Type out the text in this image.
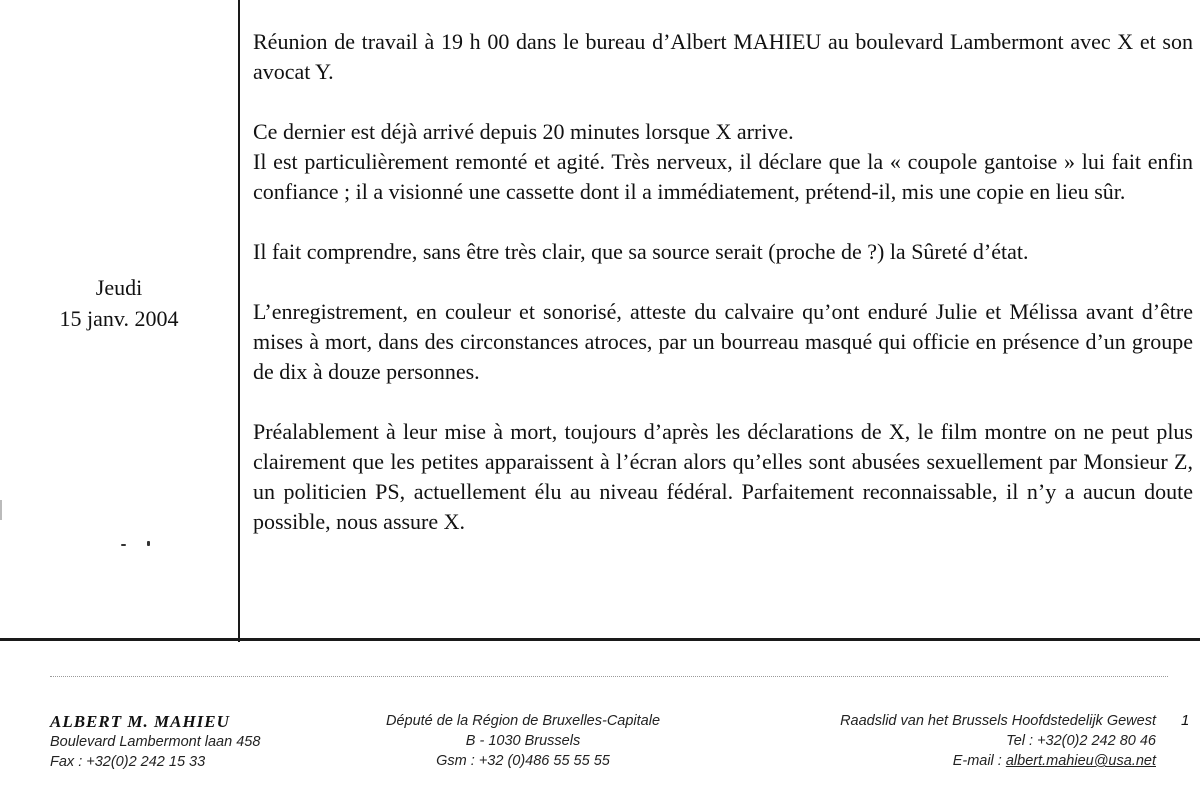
Jeudi
15 janv. 2004

Réunion de travail à 19 h 00 dans le bureau d’Albert MAHIEU au boulevard Lambermont avec X et son avocat Y.

Ce dernier est déjà arrivé depuis 20 minutes lorsque X arrive.

Il est particulièrement remonté et agité. Très nerveux, il déclare que la « coupole gantoise » lui fait enfin confiance ; il a visionné une cassette dont il a immédiatement, prétend-il, mis une copie en lieu sûr.

Il fait comprendre, sans être très clair, que sa source serait (proche de ?) la Sûreté d’état.

L’enregistrement, en couleur et sonorisé, atteste du calvaire qu’ont enduré Julie et Mélissa avant d’être mises à mort, dans des circonstances atroces, par un bourreau masqué qui officie en présence d’un groupe de dix à douze personnes.

Préalablement à leur mise à mort, toujours d’après les déclarations de X, le film montre on ne peut plus clairement que les petites apparaissent à l’écran alors qu’elles sont abusées sexuellement par Monsieur Z, un politicien PS, actuellement élu au niveau fédéral. Parfaitement reconnaissable, il n’y a aucun doute possible, nous assure X.

1
ALBERT M. MAHIEU
Boulevard Lambermont laan 458
Fax : +32(0)2 242 15 33
Député de la Région de Bruxelles-Capitale
B - 1030 Brussels
Gsm : +32 (0)486 55 55 55
Raadslid van het Brussels Hoofdstedelijk Gewest
Tel : +32(0)2 242 80 46
E-mail : albert.mahieu@usa.net
